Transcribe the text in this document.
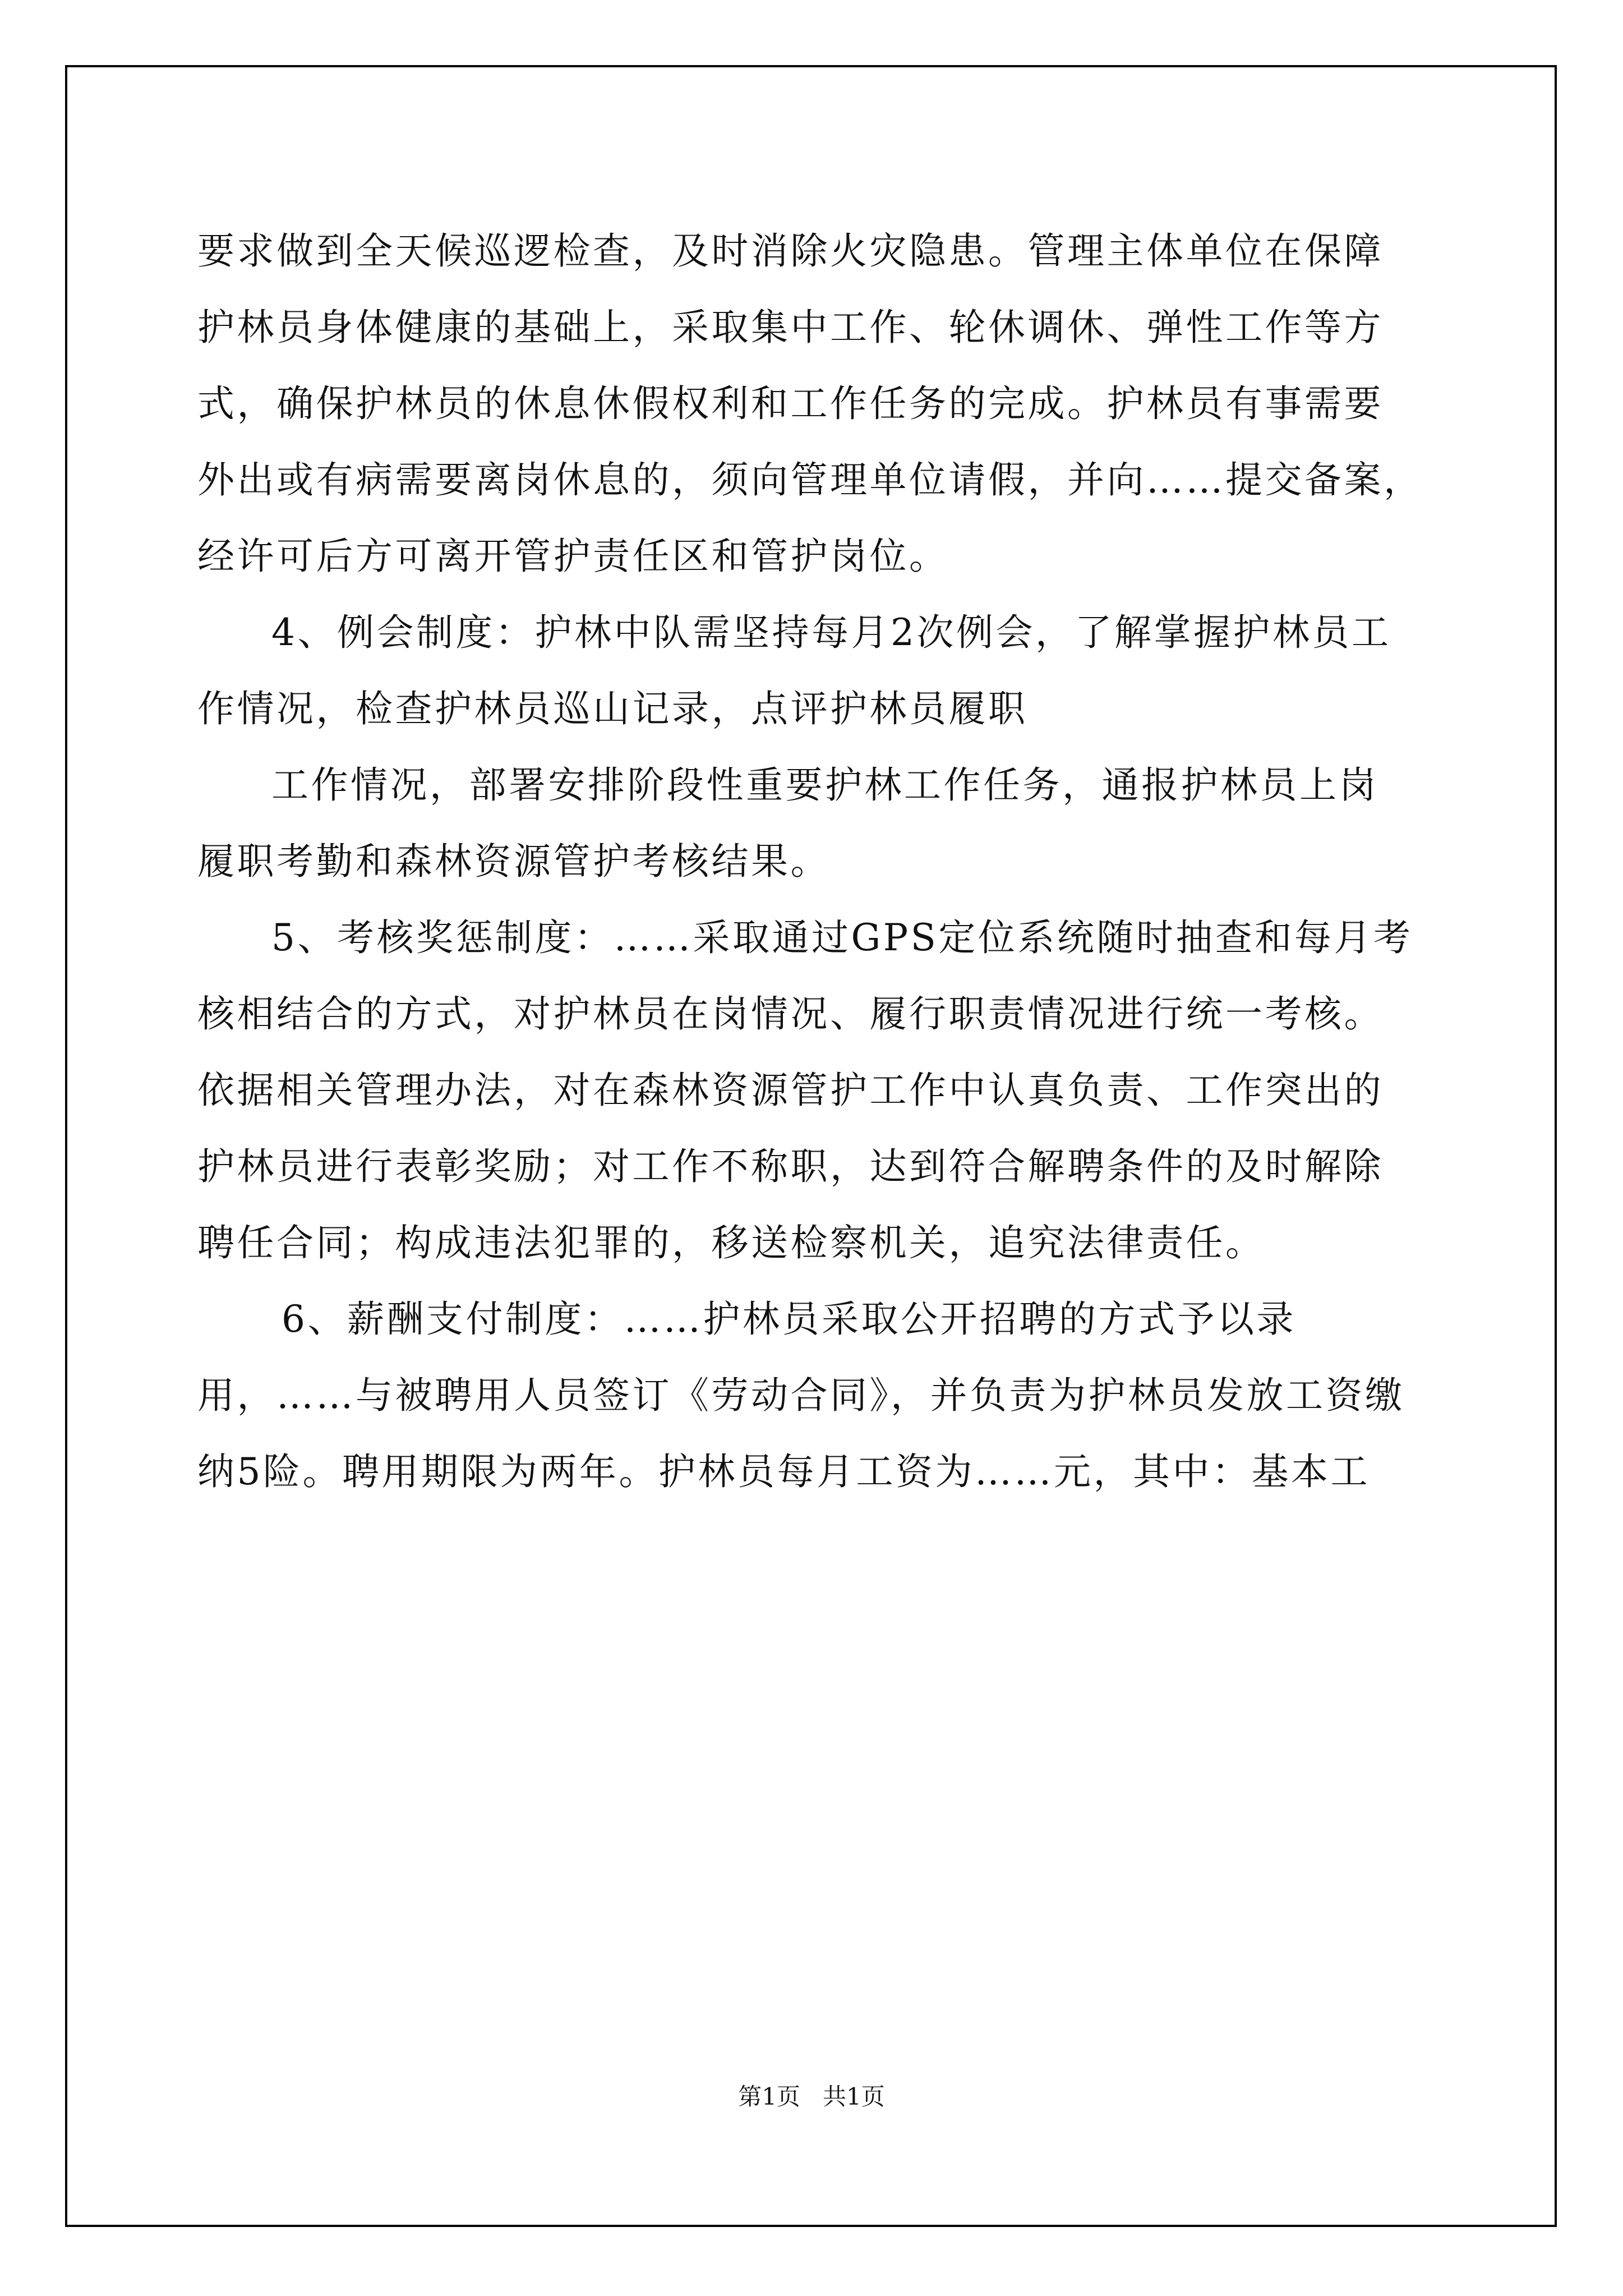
要求做到全天候巡逻检查，及时消除火灾隐患。管理主体单位在保障

护林员身体健康的基础上，采取集中工作、轮休调休、弹性工作等方

式，确保护林员的休息休假权利和工作任务的完成。护林员有事需要

外出或有病需要离岗休息的，须向管理单位请假，并向……提交备案，

经许可后方可离开管护责任区和管护岗位。

4、例会制度：护林中队需坚持每月2次例会，了解掌握护林员工

作情况，检查护林员巡山记录，点评护林员履职

工作情况，部署安排阶段性重要护林工作任务，通报护林员上岗

履职考勤和森林资源管护考核结果。

5、考核奖惩制度：……采取通过GPS定位系统随时抽查和每月考

核相结合的方式，对护林员在岗情况、履行职责情况进行统一考核。

依据相关管理办法，对在森林资源管护工作中认真负责、工作突出的

护林员进行表彰奖励；对工作不称职，达到符合解聘条件的及时解除

聘任合同；构成违法犯罪的，移送检察机关，追究法律责任。

6、薪酬支付制度：……护林员采取公开招聘的方式予以录

用，……与被聘用人员签订《劳动合同》，并负责为护林员发放工资缴

纳5险。聘用期限为两年。护林员每月工资为……元，其中：基本工

第1页   共1页
